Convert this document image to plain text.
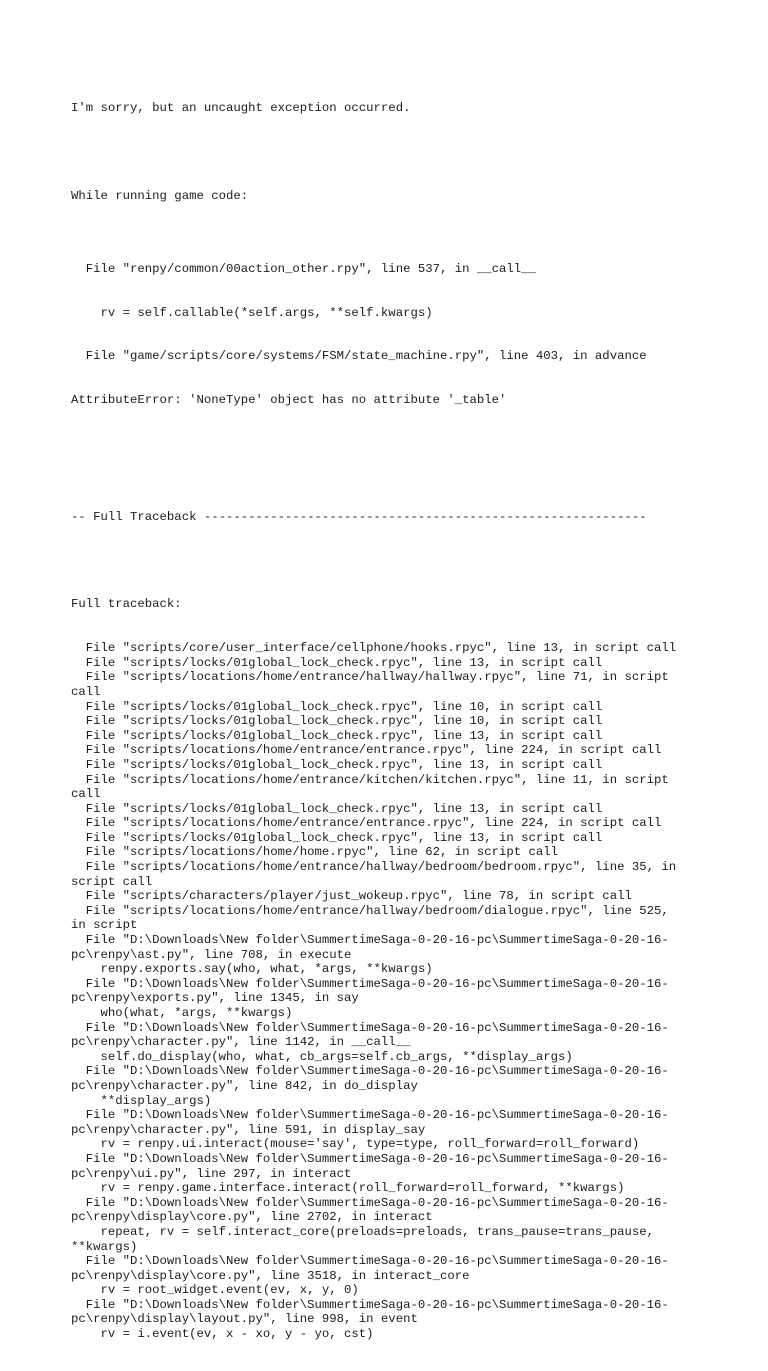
I'm sorry, but an uncaught exception occurred.

While running game code:

File "renpy/common/00action_other.rpy", line 537, in __call__

rv = self.callable(*self.args, **self.kwargs)

File "game/scripts/core/systems/FSM/state_machine.rpy", line 403, in advance

AttributeError: 'NoneType' object has no attribute '_table'

-- Full Traceback ------------------------------------------------------------

Full traceback:

File "scripts/core/user_interface/cellphone/hooks.rpyc", line 13, in script call
File "scripts/locks/01global_lock_check.rpyc", line 13, in script call
File "scripts/locations/home/entrance/hallway/hallway.rpyc", line 71, in script
call
File "scripts/locks/01global_lock_check.rpyc", line 10, in script call
File "scripts/locks/01global_lock_check.rpyc", line 10, in script call
File "scripts/locks/01global_lock_check.rpyc", line 13, in script call
File "scripts/locations/home/entrance/entrance.rpyc", line 224, in script call
File "scripts/locks/01global_lock_check.rpyc", line 13, in script call
File "scripts/locations/home/entrance/kitchen/kitchen.rpyc", line 11, in script
call
File "scripts/locks/01global_lock_check.rpyc", line 13, in script call
File "scripts/locations/home/entrance/entrance.rpyc", line 224, in script call
File "scripts/locks/01global_lock_check.rpyc", line 13, in script call
File "scripts/locations/home/home.rpyc", line 62, in script call
File "scripts/locations/home/entrance/hallway/bedroom/bedroom.rpyc", line 35, in
script call
File "scripts/characters/player/just_wokeup.rpyc", line 78, in script call
File "scripts/locations/home/entrance/hallway/bedroom/dialogue.rpyc", line 525,
in script
File "D:\Downloads\New folder\SummertimeSaga-0-20-16-pc\SummertimeSaga-0-20-16-
pc\renpy\ast.py", line 708, in execute
renpy.exports.say(who, what, *args, **kwargs)
File "D:\Downloads\New folder\SummertimeSaga-0-20-16-pc\SummertimeSaga-0-20-16-
pc\renpy\exports.py", line 1345, in say
who(what, *args, **kwargs)
File "D:\Downloads\New folder\SummertimeSaga-0-20-16-pc\SummertimeSaga-0-20-16-
pc\renpy\character.py", line 1142, in __call__
self.do_display(who, what, cb_args=self.cb_args, **display_args)
File "D:\Downloads\New folder\SummertimeSaga-0-20-16-pc\SummertimeSaga-0-20-16-
pc\renpy\character.py", line 842, in do_display
**display_args)
File "D:\Downloads\New folder\SummertimeSaga-0-20-16-pc\SummertimeSaga-0-20-16-
pc\renpy\character.py", line 591, in display_say
rv = renpy.ui.interact(mouse='say', type=type, roll_forward=roll_forward)
File "D:\Downloads\New folder\SummertimeSaga-0-20-16-pc\SummertimeSaga-0-20-16-
pc\renpy\ui.py", line 297, in interact
rv = renpy.game.interface.interact(roll_forward=roll_forward, **kwargs)
File "D:\Downloads\New folder\SummertimeSaga-0-20-16-pc\SummertimeSaga-0-20-16-
pc\renpy\display\core.py", line 2702, in interact
repeat, rv = self.interact_core(preloads=preloads, trans_pause=trans_pause,
**kwargs)
File "D:\Downloads\New folder\SummertimeSaga-0-20-16-pc\SummertimeSaga-0-20-16-
pc\renpy\display\core.py", line 3518, in interact_core
rv = root_widget.event(ev, x, y, 0)
File "D:\Downloads\New folder\SummertimeSaga-0-20-16-pc\SummertimeSaga-0-20-16-
pc\renpy\display\layout.py", line 998, in event
rv = i.event(ev, x - xo, y - yo, cst)
